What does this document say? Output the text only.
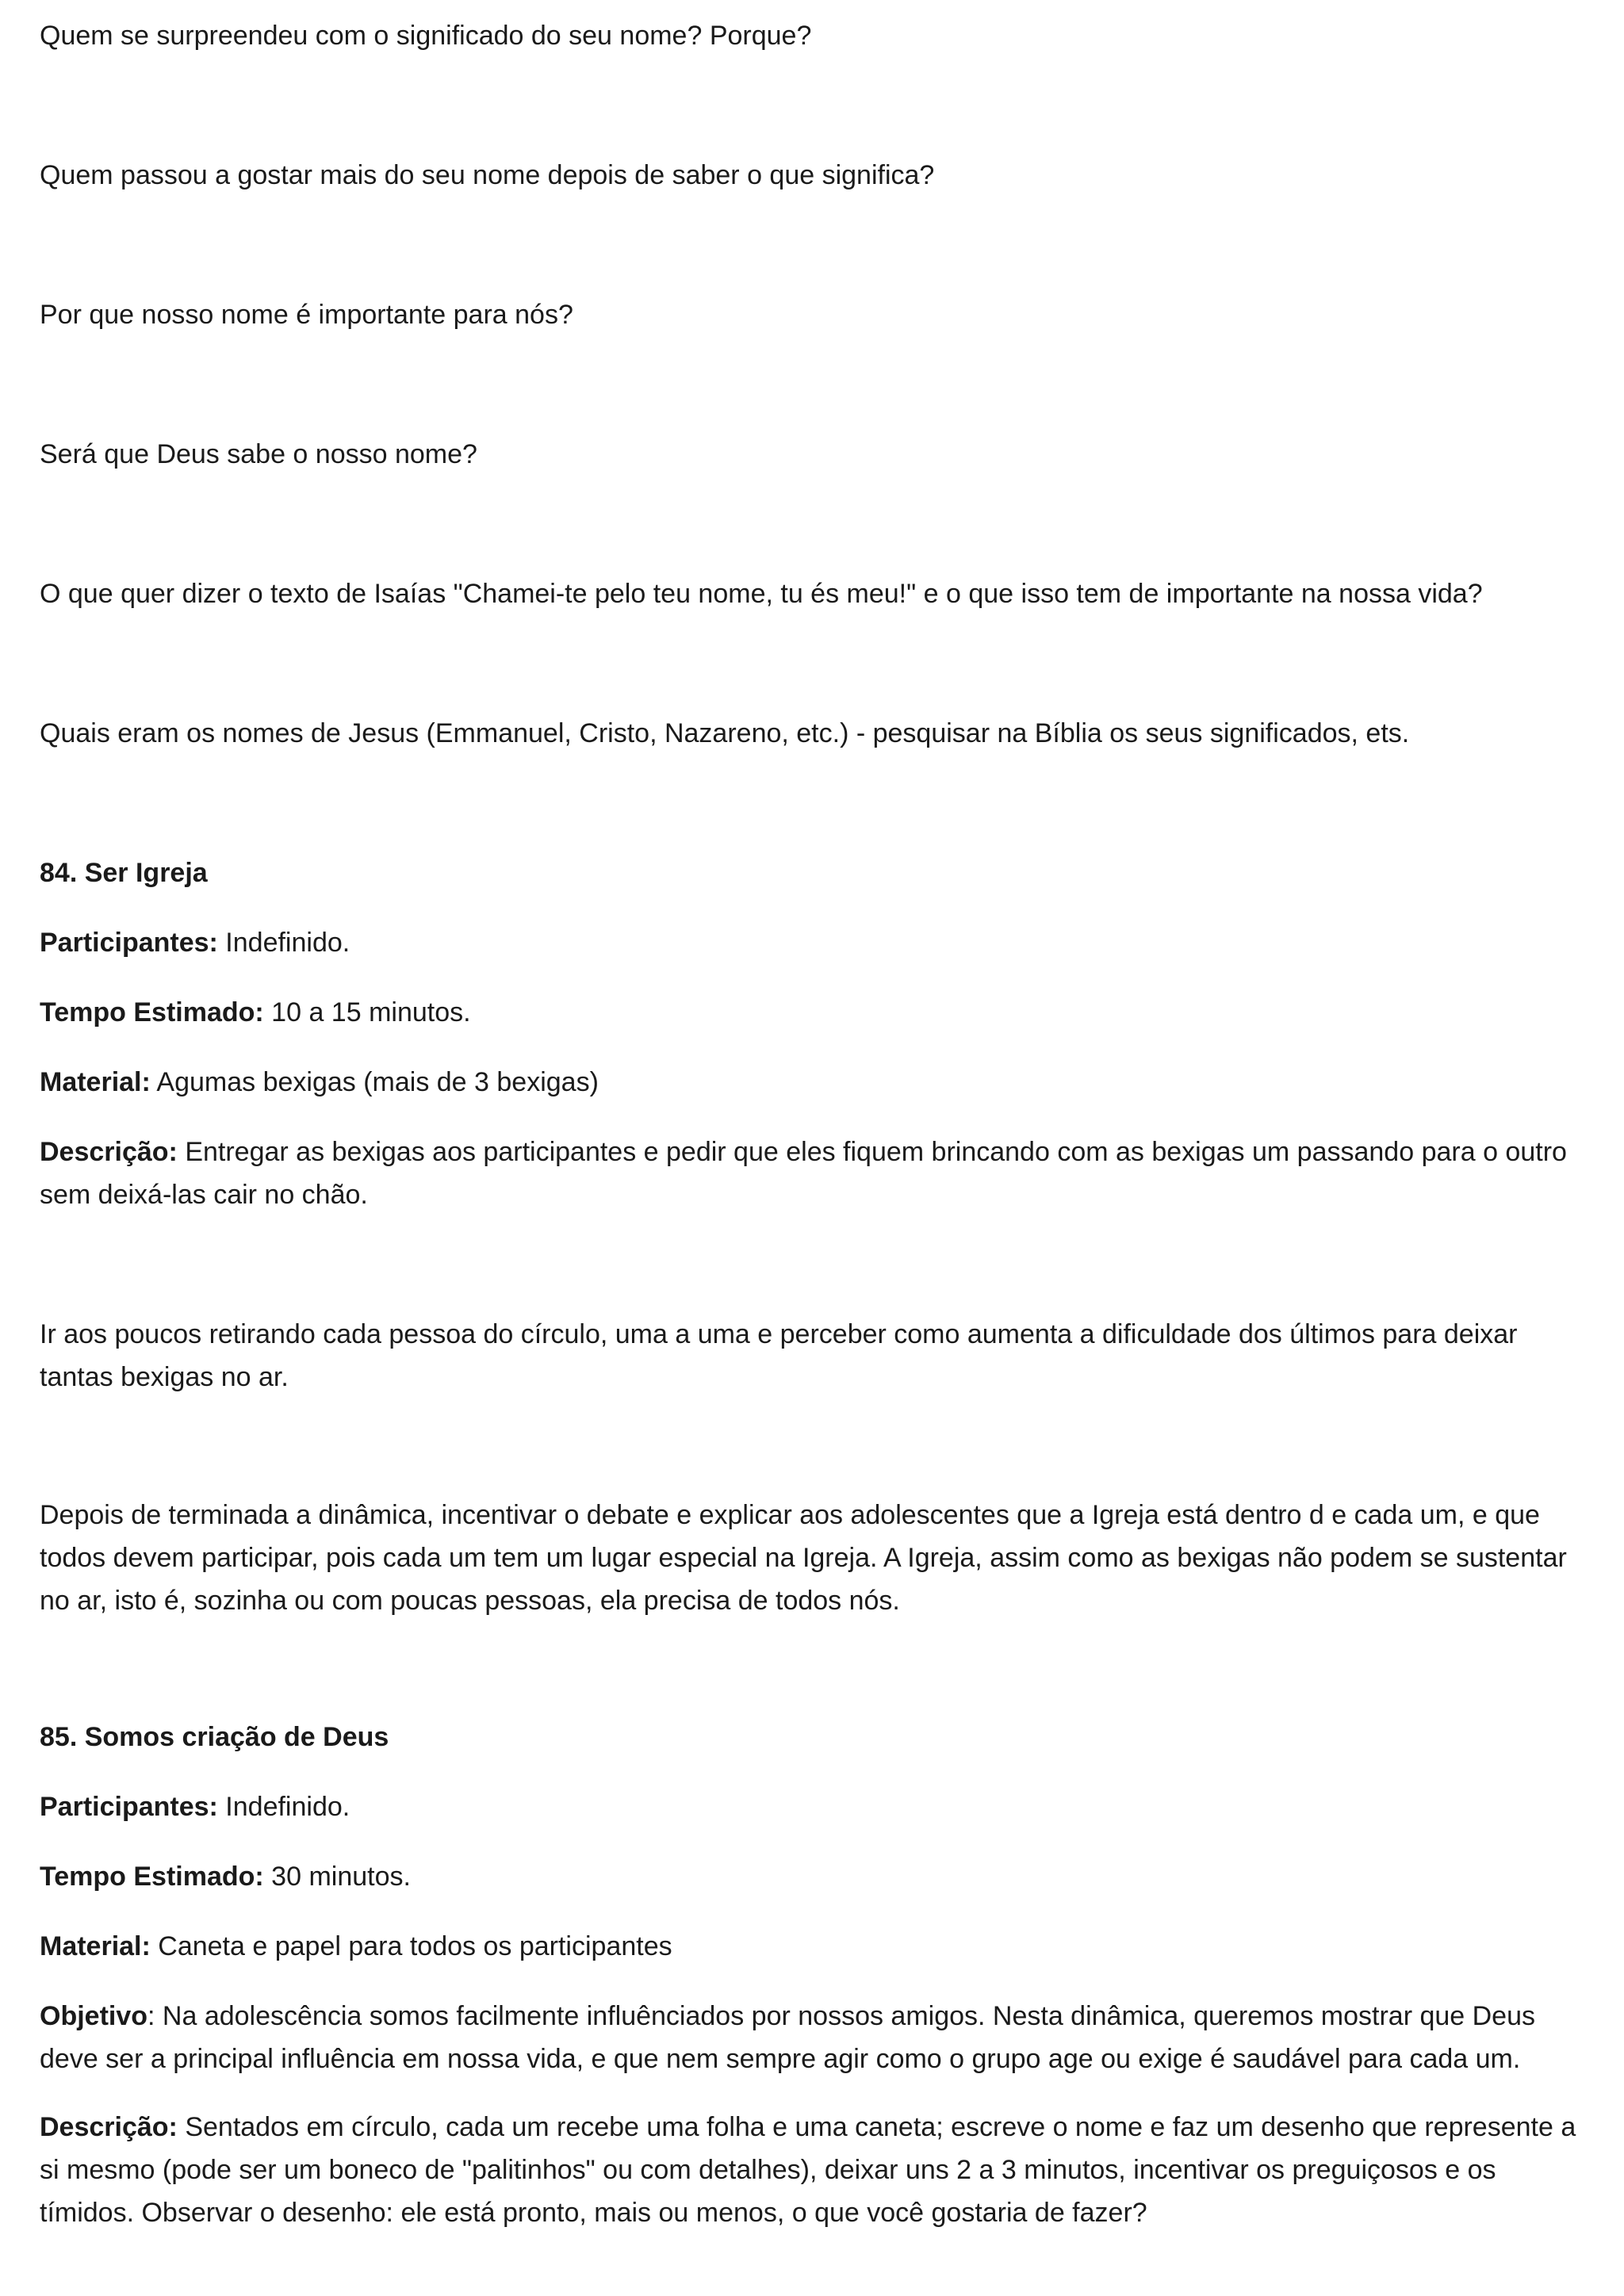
Quem se surpreendeu com o significado do seu nome? Porque?
Quem passou a gostar mais do seu nome depois de saber o que significa?
Por que nosso nome é importante para nós?
Será que Deus sabe o nosso nome?
O que quer dizer o texto de Isaías "Chamei-te pelo teu nome, tu és meu!" e o que isso tem de importante na nossa vida?
Quais eram os nomes de Jesus (Emmanuel, Cristo, Nazareno, etc.) - pesquisar na Bíblia os seus significados, ets.
84. Ser Igreja
Participantes: Indefinido.
Tempo Estimado: 10 a 15 minutos.
Material: Agumas bexigas (mais de 3 bexigas)
Descrição: Entregar as bexigas aos participantes e pedir que eles fiquem brincando com as bexigas um passando para o outro
sem deixá-las cair no chão.
Ir aos poucos retirando cada pessoa do círculo, uma a uma e perceber como aumenta a dificuldade dos últimos para deixar
tantas bexigas no ar.
Depois de terminada a dinâmica, incentivar o debate e explicar aos adolescentes que a Igreja está dentro d e cada um, e que
todos devem participar, pois cada um tem um lugar especial na Igreja. A Igreja, assim como as bexigas não podem se sustentar
no ar, isto é, sozinha ou com poucas pessoas, ela precisa de todos nós.
85. Somos criação de Deus
Participantes: Indefinido.
Tempo Estimado: 30 minutos.
Material: Caneta e papel para todos os participantes
Objetivo: Na adolescência somos facilmente influênciados por nossos amigos. Nesta dinâmica, queremos mostrar que Deus
deve ser a principal influência em nossa vida, e que nem sempre agir como o grupo age ou exige é saudável para cada um.
Descrição: Sentados em círculo, cada um recebe uma folha e uma caneta; escreve o nome e faz um desenho que represente a
si mesmo (pode ser um boneco de "palitinhos" ou com detalhes), deixar uns 2 a 3 minutos, incentivar os preguiçosos e os
tímidos. Observar o desenho: ele está pronto, mais ou menos, o que você gostaria de fazer?
